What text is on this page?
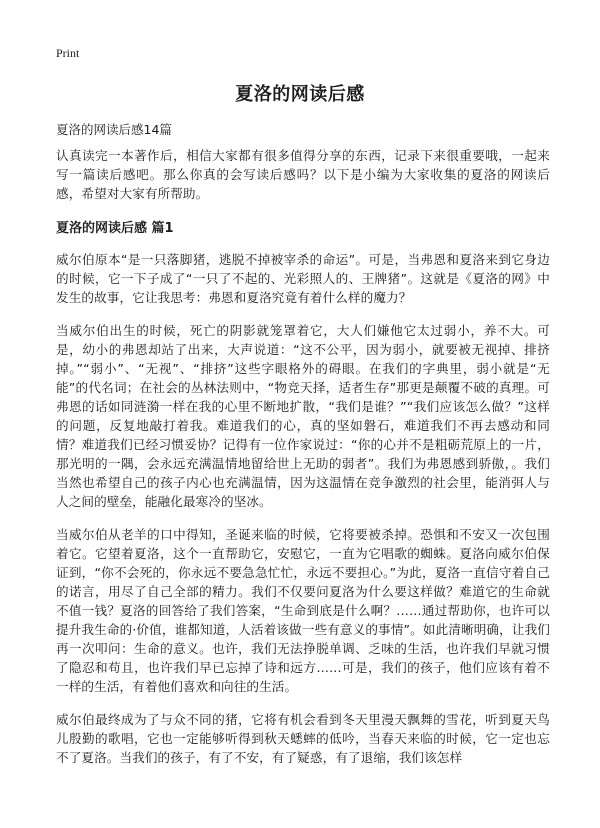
Print
夏洛的网读后感

夏洛的网读后感14篇

认真读完一本著作后，相信大家都有很多值得分享的东西，记录下来很重要哦，一起来写一篇读后感吧。那么你真的会写读后感吗？以下是小编为大家收集的夏洛的网读后感，希望对大家有所帮助。

夏洛的网读后感 篇1

威尔伯原本“是一只落脚猪，逃脱不掉被宰杀的命运”。可是，当弗恩和夏洛来到它身边的时候，它一下子成了“一只了不起的、光彩照人的、王牌猪”。这就是《夏洛的网》中发生的故事，它让我思考：弗恩和夏洛究竟有着什么样的魔力？

当威尔伯出生的时候，死亡的阴影就笼罩着它，大人们嫌他它太过弱小，养不大。可是，幼小的弗恩却站了出来，大声说道：“这不公平，因为弱小，就要被无视掉、排挤掉。”“弱小”、“无视”、“排挤”这些字眼格外的碍眼。在我们的字典里，弱小就是“无能”的代名词；在社会的丛林法则中，“物竞天择，适者生存”那更是颠覆不破的真理。可弗恩的话如同涟漪一样在我的心里不断地扩散，“我们是谁？”“我们应该怎么做？”这样的问题，反复地敲打着我。难道我们的心，真的坚如磐石，难道我们不再去感动和同情？难道我们已经习惯妥协？记得有一位作家说过：“你的心并不是粗砺荒原上的一片，那光明的一隅，会永远充满温情地留给世上无助的弱者”。我们为弗恩感到骄傲，。我们当然也希望自己的孩子内心也充满温情，因为这温情在竞争激烈的社会里，能消弭人与人之间的壁垒，能融化最寒冷的坚冰。

当威尔伯从老羊的口中得知，圣诞来临的时候，它将要被杀掉。恐惧和不安又一次包围着它。它望着夏洛，这个一直帮助它，安慰它，一直为它唱歌的蜘蛛。夏洛向威尔伯保证到，“你不会死的，你永远不要急急忙忙，永远不要担心。”为此，夏洛一直信守着自己的诺言，用尽了自己全部的精力。我们不仅要问夏洛为什么要这样做？难道它的生命就不值一钱？夏洛的回答给了我们答案，“生命到底是什么啊？……通过帮助你，也许可以提升我生命的·价值，谁都知道，人活着该做一些有意义的事情”。如此清晰明确，让我们再一次叩问：生命的意义。也许，我们无法挣脱单调、乏味的生活，也许我们早就习惯了隐忍和苟且，也许我们早已忘掉了诗和远方……可是，我们的孩子，他们应该有着不一样的生活，有着他们喜欢和向往的生活。

威尔伯最终成为了与众不同的猪，它将有机会看到冬天里漫天飘舞的雪花，听到夏天鸟儿殷勤的歌唱，它也一定能够听得到秋天蟋蟀的低吟，当春天来临的时候，它一定也忘不了夏洛。当我们的孩子，有了不安，有了疑惑，有了退缩，我们该怎样
